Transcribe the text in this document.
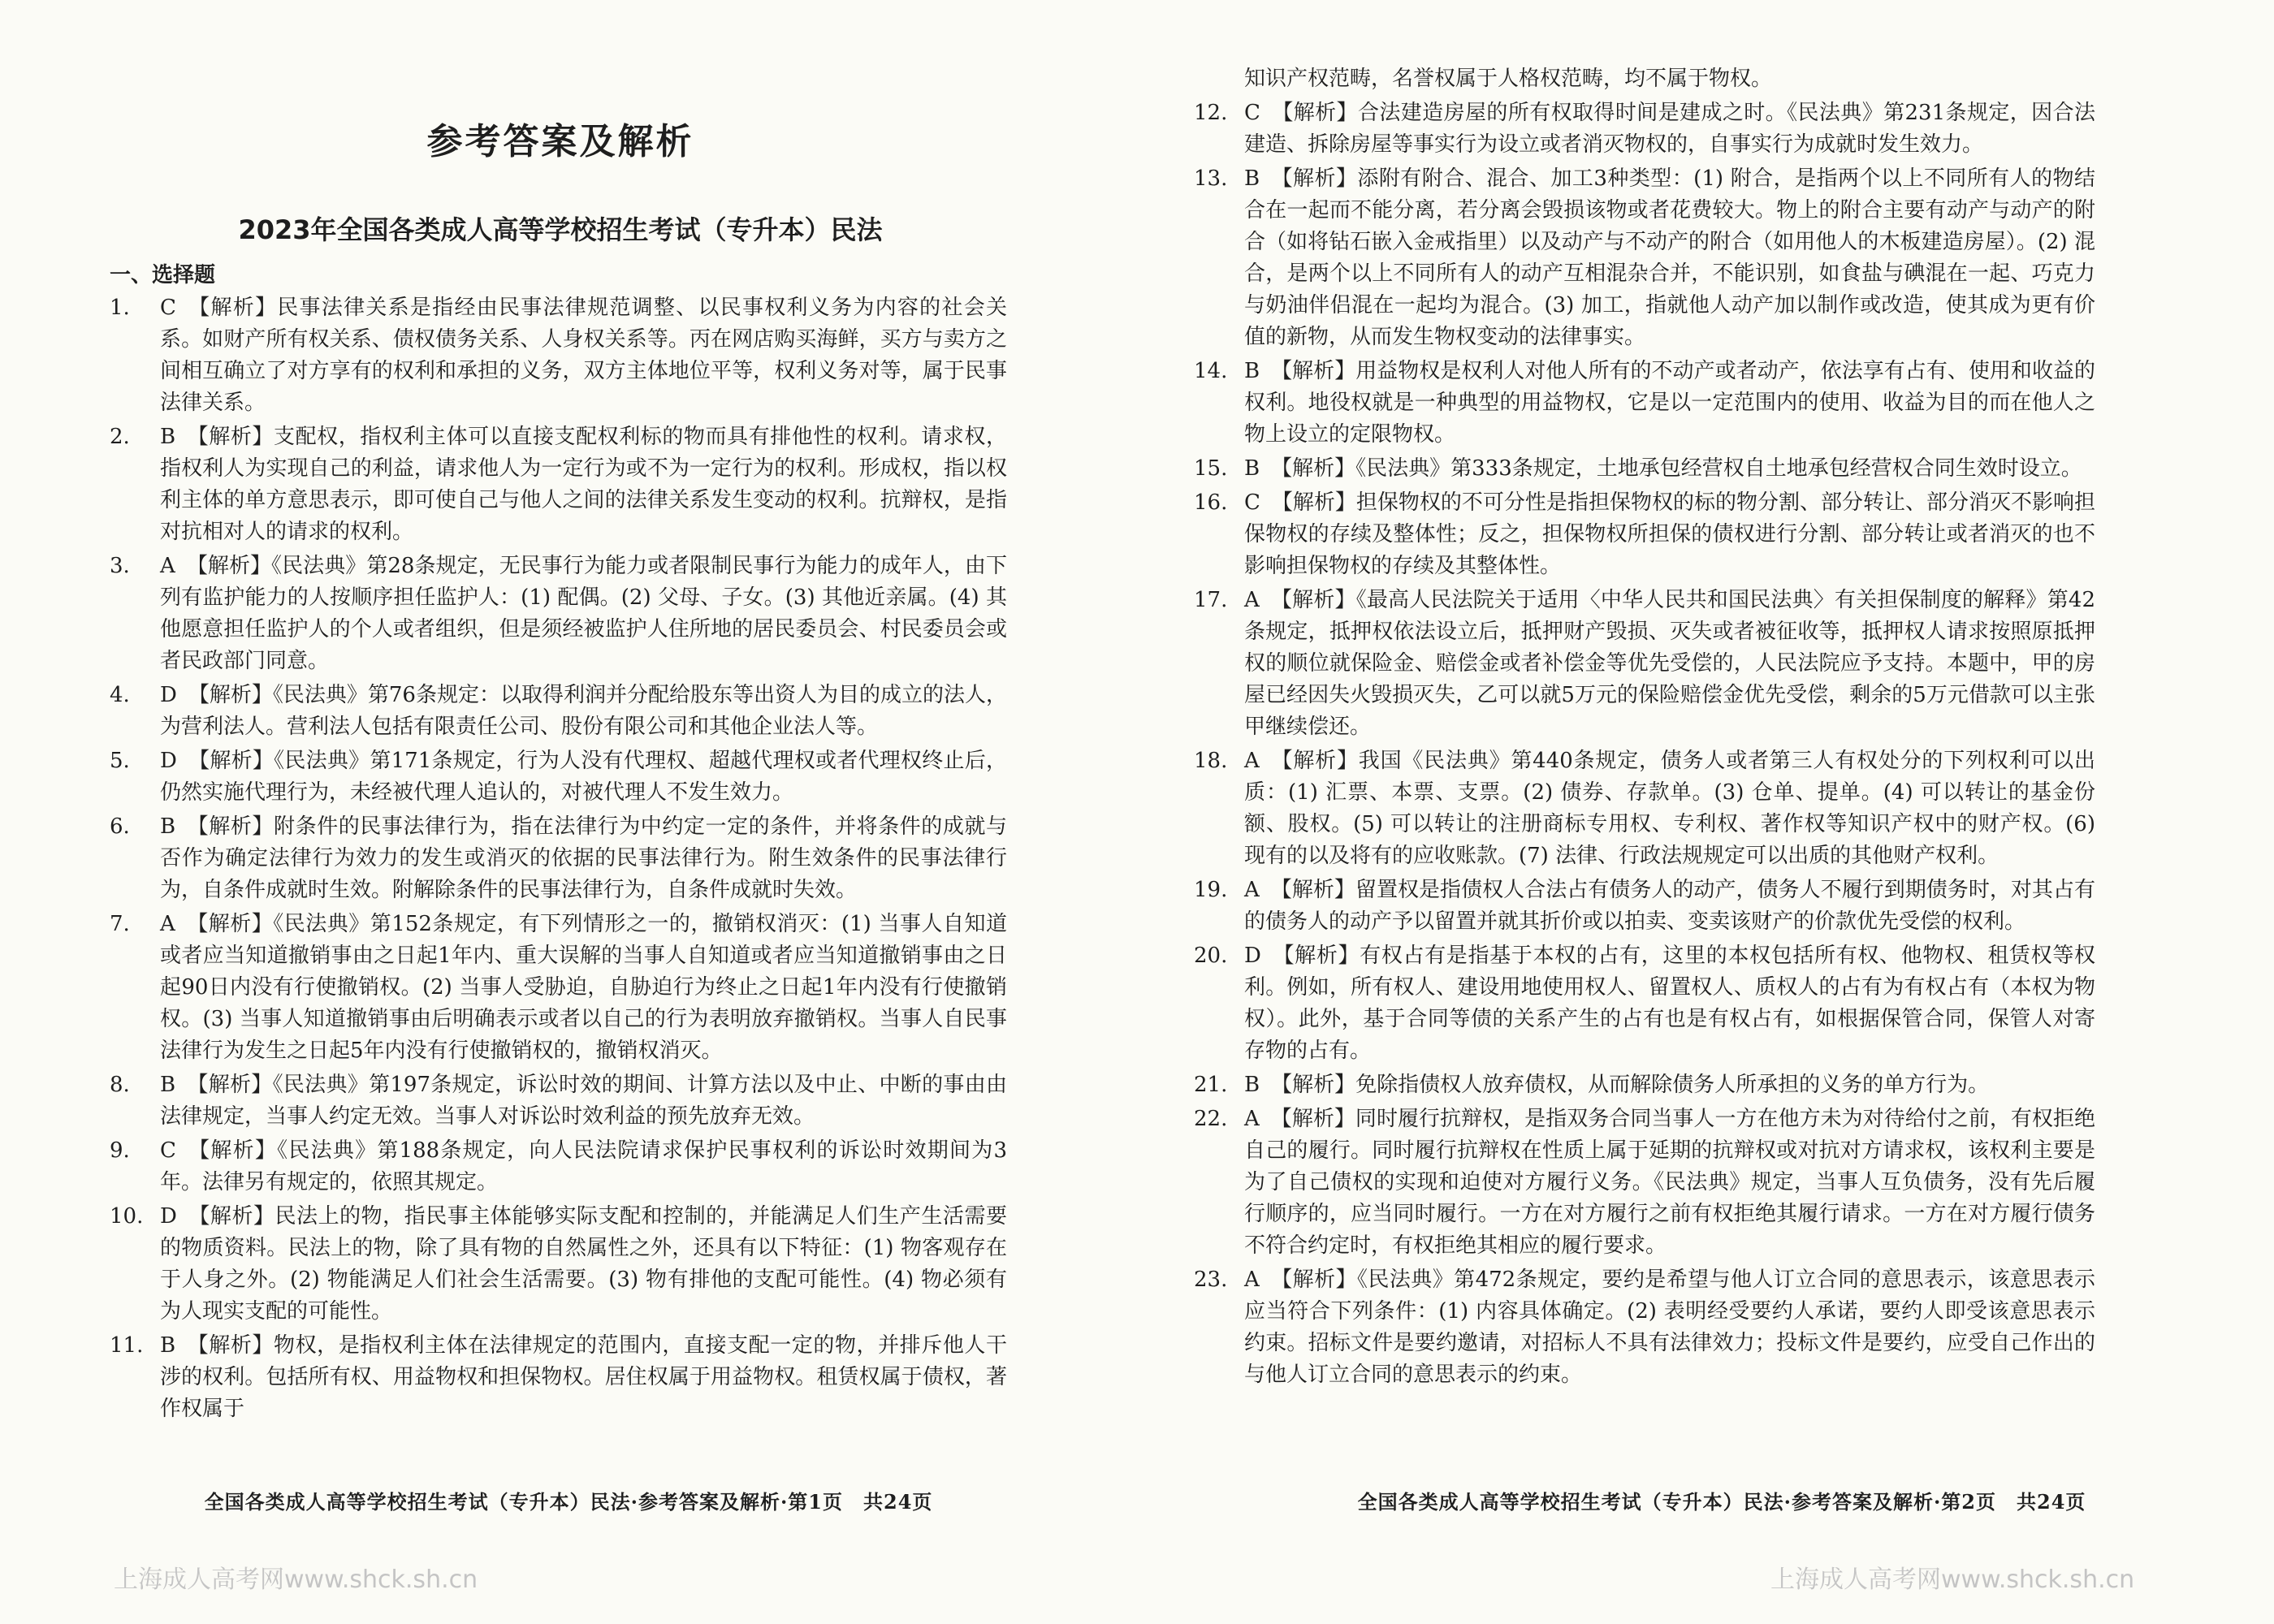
参考答案及解析
2023年全国各类成人高等学校招生考试（专升本）民法
一、选择题
1. C 【解析】民事法律关系是指经由民事法律规范调整、以民事权利义务为内容的社会关系。如财产所有权关系、债权债务关系、人身权关系等。丙在网店购买海鲜，买方与卖方之间相互确立了对方享有的权利和承担的义务，双方主体地位平等，权利义务对等，属于民事法律关系。
2. B 【解析】支配权，指权利主体可以直接支配权利标的物而具有排他性的权利。请求权，指权利人为实现自己的利益，请求他人为一定行为或不为一定行为的权利。形成权，指以权利主体的单方意思表示，即可使自己与他人之间的法律关系发生变动的权利。抗辩权，是指对抗相对人的请求的权利。
3. A 【解析】《民法典》第28条规定，无民事行为能力或者限制民事行为能力的成年人，由下列有监护能力的人按顺序担任监护人：(1) 配偶。(2) 父母、子女。(3) 其他近亲属。(4) 其他愿意担任监护人的个人或者组织，但是须经被监护人住所地的居民委员会、村民委员会或者民政部门同意。
4. D 【解析】《民法典》第76条规定：以取得利润并分配给股东等出资人为目的成立的法人，为营利法人。营利法人包括有限责任公司、股份有限公司和其他企业法人等。
5. D 【解析】《民法典》第171条规定，行为人没有代理权、超越代理权或者代理权终止后，仍然实施代理行为，未经被代理人追认的，对被代理人不发生效力。
6. B 【解析】附条件的民事法律行为，指在法律行为中约定一定的条件，并将条件的成就与否作为确定法律行为效力的发生或消灭的依据的民事法律行为。附生效条件的民事法律行为，自条件成就时生效。附解除条件的民事法律行为，自条件成就时失效。
7. A 【解析】《民法典》第152条规定，有下列情形之一的，撤销权消灭：(1) 当事人自知道或者应当知道撤销事由之日起1年内、重大误解的当事人自知道或者应当知道撤销事由之日起90日内没有行使撤销权。(2) 当事人受胁迫，自胁迫行为终止之日起1年内没有行使撤销权。(3) 当事人知道撤销事由后明确表示或者以自己的行为表明放弃撤销权。当事人自民事法律行为发生之日起5年内没有行使撤销权的，撤销权消灭。
8. B 【解析】《民法典》第197条规定，诉讼时效的期间、计算方法以及中止、中断的事由由法律规定，当事人约定无效。当事人对诉讼时效利益的预先放弃无效。
9. C 【解析】《民法典》第188条规定，向人民法院请求保护民事权利的诉讼时效期间为3年。法律另有规定的，依照其规定。
10. D 【解析】民法上的物，指民事主体能够实际支配和控制的，并能满足人们生产生活需要的物质资料。民法上的物，除了具有物的自然属性之外，还具有以下特征：(1) 物客观存在于人身之外。(2) 物能满足人们社会生活需要。(3) 物有排他的支配可能性。(4) 物必须有为人现实支配的可能性。
11. B 【解析】物权，是指权利主体在法律规定的范围内，直接支配一定的物，并排斥他人干涉的权利。包括所有权、用益物权和担保物权。居住权属于用益物权。租赁权属于债权，著作权属于
全国各类成人高等学校招生考试（专升本）民法·参考答案及解析·第1页　共24页
知识产权范畴，名誉权属于人格权范畴，均不属于物权。
12. C 【解析】合法建造房屋的所有权取得时间是建成之时。《民法典》第231条规定，因合法建造、拆除房屋等事实行为设立或者消灭物权的，自事实行为成就时发生效力。
13. B 【解析】添附有附合、混合、加工3种类型：(1) 附合，是指两个以上不同所有人的物结合在一起而不能分离，若分离会毁损该物或者花费较大。物上的附合主要有动产与动产的附合（如将钻石嵌入金戒指里）以及动产与不动产的附合（如用他人的木板建造房屋）。(2) 混合，是两个以上不同所有人的动产互相混杂合并，不能识别，如食盐与碘混在一起、巧克力与奶油伴侣混在一起均为混合。(3) 加工，指就他人动产加以制作或改造，使其成为更有价值的新物，从而发生物权变动的法律事实。
14. B 【解析】用益物权是权利人对他人所有的不动产或者动产，依法享有占有、使用和收益的权利。地役权就是一种典型的用益物权，它是以一定范围内的使用、收益为目的而在他人之物上设立的定限物权。
15. B 【解析】《民法典》第333条规定，土地承包经营权自土地承包经营权合同生效时设立。
16. C 【解析】担保物权的不可分性是指担保物权的标的物分割、部分转让、部分消灭不影响担保物权的存续及整体性；反之，担保物权所担保的债权进行分割、部分转让或者消灭的也不影响担保物权的存续及其整体性。
17. A 【解析】《最高人民法院关于适用〈中华人民共和国民法典〉有关担保制度的解释》第42条规定，抵押权依法设立后，抵押财产毁损、灭失或者被征收等，抵押权人请求按照原抵押权的顺位就保险金、赔偿金或者补偿金等优先受偿的，人民法院应予支持。本题中，甲的房屋已经因失火毁损灭失，乙可以就5万元的保险赔偿金优先受偿，剩余的5万元借款可以主张甲继续偿还。
18. A 【解析】我国《民法典》第440条规定，债务人或者第三人有权处分的下列权利可以出质：(1) 汇票、本票、支票。(2) 债券、存款单。(3) 仓单、提单。(4) 可以转让的基金份额、股权。(5) 可以转让的注册商标专用权、专利权、著作权等知识产权中的财产权。(6) 现有的以及将有的应收账款。(7) 法律、行政法规规定可以出质的其他财产权利。
19. A 【解析】留置权是指债权人合法占有债务人的动产，债务人不履行到期债务时，对其占有的债务人的动产予以留置并就其折价或以拍卖、变卖该财产的价款优先受偿的权利。
20. D 【解析】有权占有是指基于本权的占有，这里的本权包括所有权、他物权、租赁权等权利。例如，所有权人、建设用地使用权人、留置权人、质权人的占有为有权占有（本权为物权）。此外，基于合同等债的关系产生的占有也是有权占有，如根据保管合同，保管人对寄存物的占有。
21. B 【解析】免除指债权人放弃债权，从而解除债务人所承担的义务的单方行为。
22. A 【解析】同时履行抗辩权，是指双务合同当事人一方在他方未为对待给付之前，有权拒绝自己的履行。同时履行抗辩权在性质上属于延期的抗辩权或对抗对方请求权，该权利主要是为了自己债权的实现和迫使对方履行义务。《民法典》规定，当事人互负债务，没有先后履行顺序的，应当同时履行。一方在对方履行之前有权拒绝其履行请求。一方在对方履行债务不符合约定时，有权拒绝其相应的履行要求。
23. A 【解析】《民法典》第472条规定，要约是希望与他人订立合同的意思表示，该意思表示应当符合下列条件：(1) 内容具体确定。(2) 表明经受要约人承诺，要约人即受该意思表示约束。招标文件是要约邀请，对招标人不具有法律效力；投标文件是要约，应受自己作出的与他人订立合同的意思表示的约束。
全国各类成人高等学校招生考试（专升本）民法·参考答案及解析·第2页　共24页
上海成人高考网www.shck.sh.cn	上海成人高考网www.shck.sh.cn
